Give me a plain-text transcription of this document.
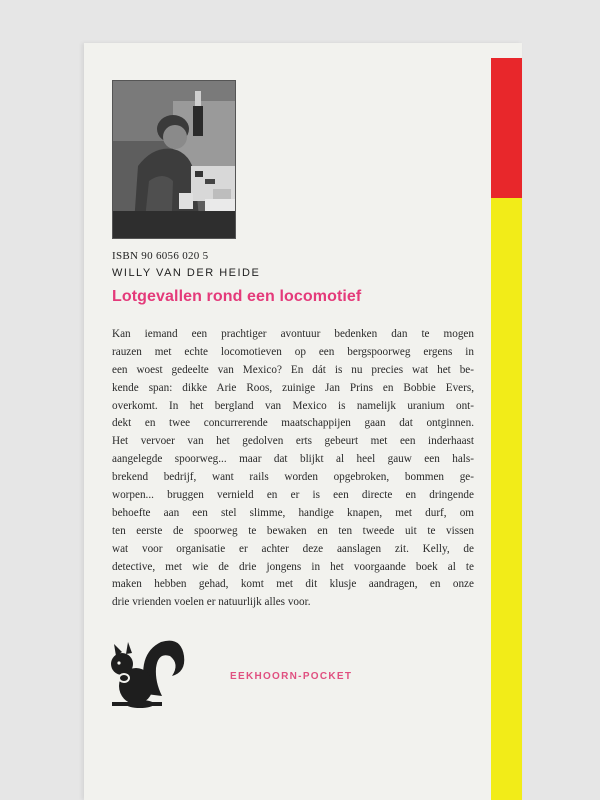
ISBN 90 6056 020 5
WILLY VAN DER HEIDE
Lotgevallen rond een locomotief
Kan iemand een prachtiger avontuur bedenken dan te mogen
rauzen met echte locomotieven op een bergspoorweg ergens in
een woest gedeelte van Mexico? En dát is nu precies wat het be-
kende span: dikke Arie Roos, zuinige Jan Prins en Bobbie Evers,
overkomt. In het bergland van Mexico is namelijk uranium ont-
dekt en twee concurrerende maatschappijen gaan dat ontginnen.
Het vervoer van het gedolven erts gebeurt met een inderhaast
aangelegde spoorweg... maar dat blijkt al heel gauw een hals-
brekend bedrijf, want rails worden opgebroken, bommen ge-
worpen... bruggen vernield en er is een directe en dringende
behoefte aan een stel slimme, handige knapen, met durf, om
ten eerste de spoorweg te bewaken en ten tweede uit te vissen
wat voor organisatie er achter deze aanslagen zit. Kelly, de
detective, met wie de drie jongens in het voorgaande boek al te
maken hebben gehad, komt met dit klusje aandragen, en onze
drie vrienden voelen er natuurlijk alles voor.
EEKHOORN-POCKET
